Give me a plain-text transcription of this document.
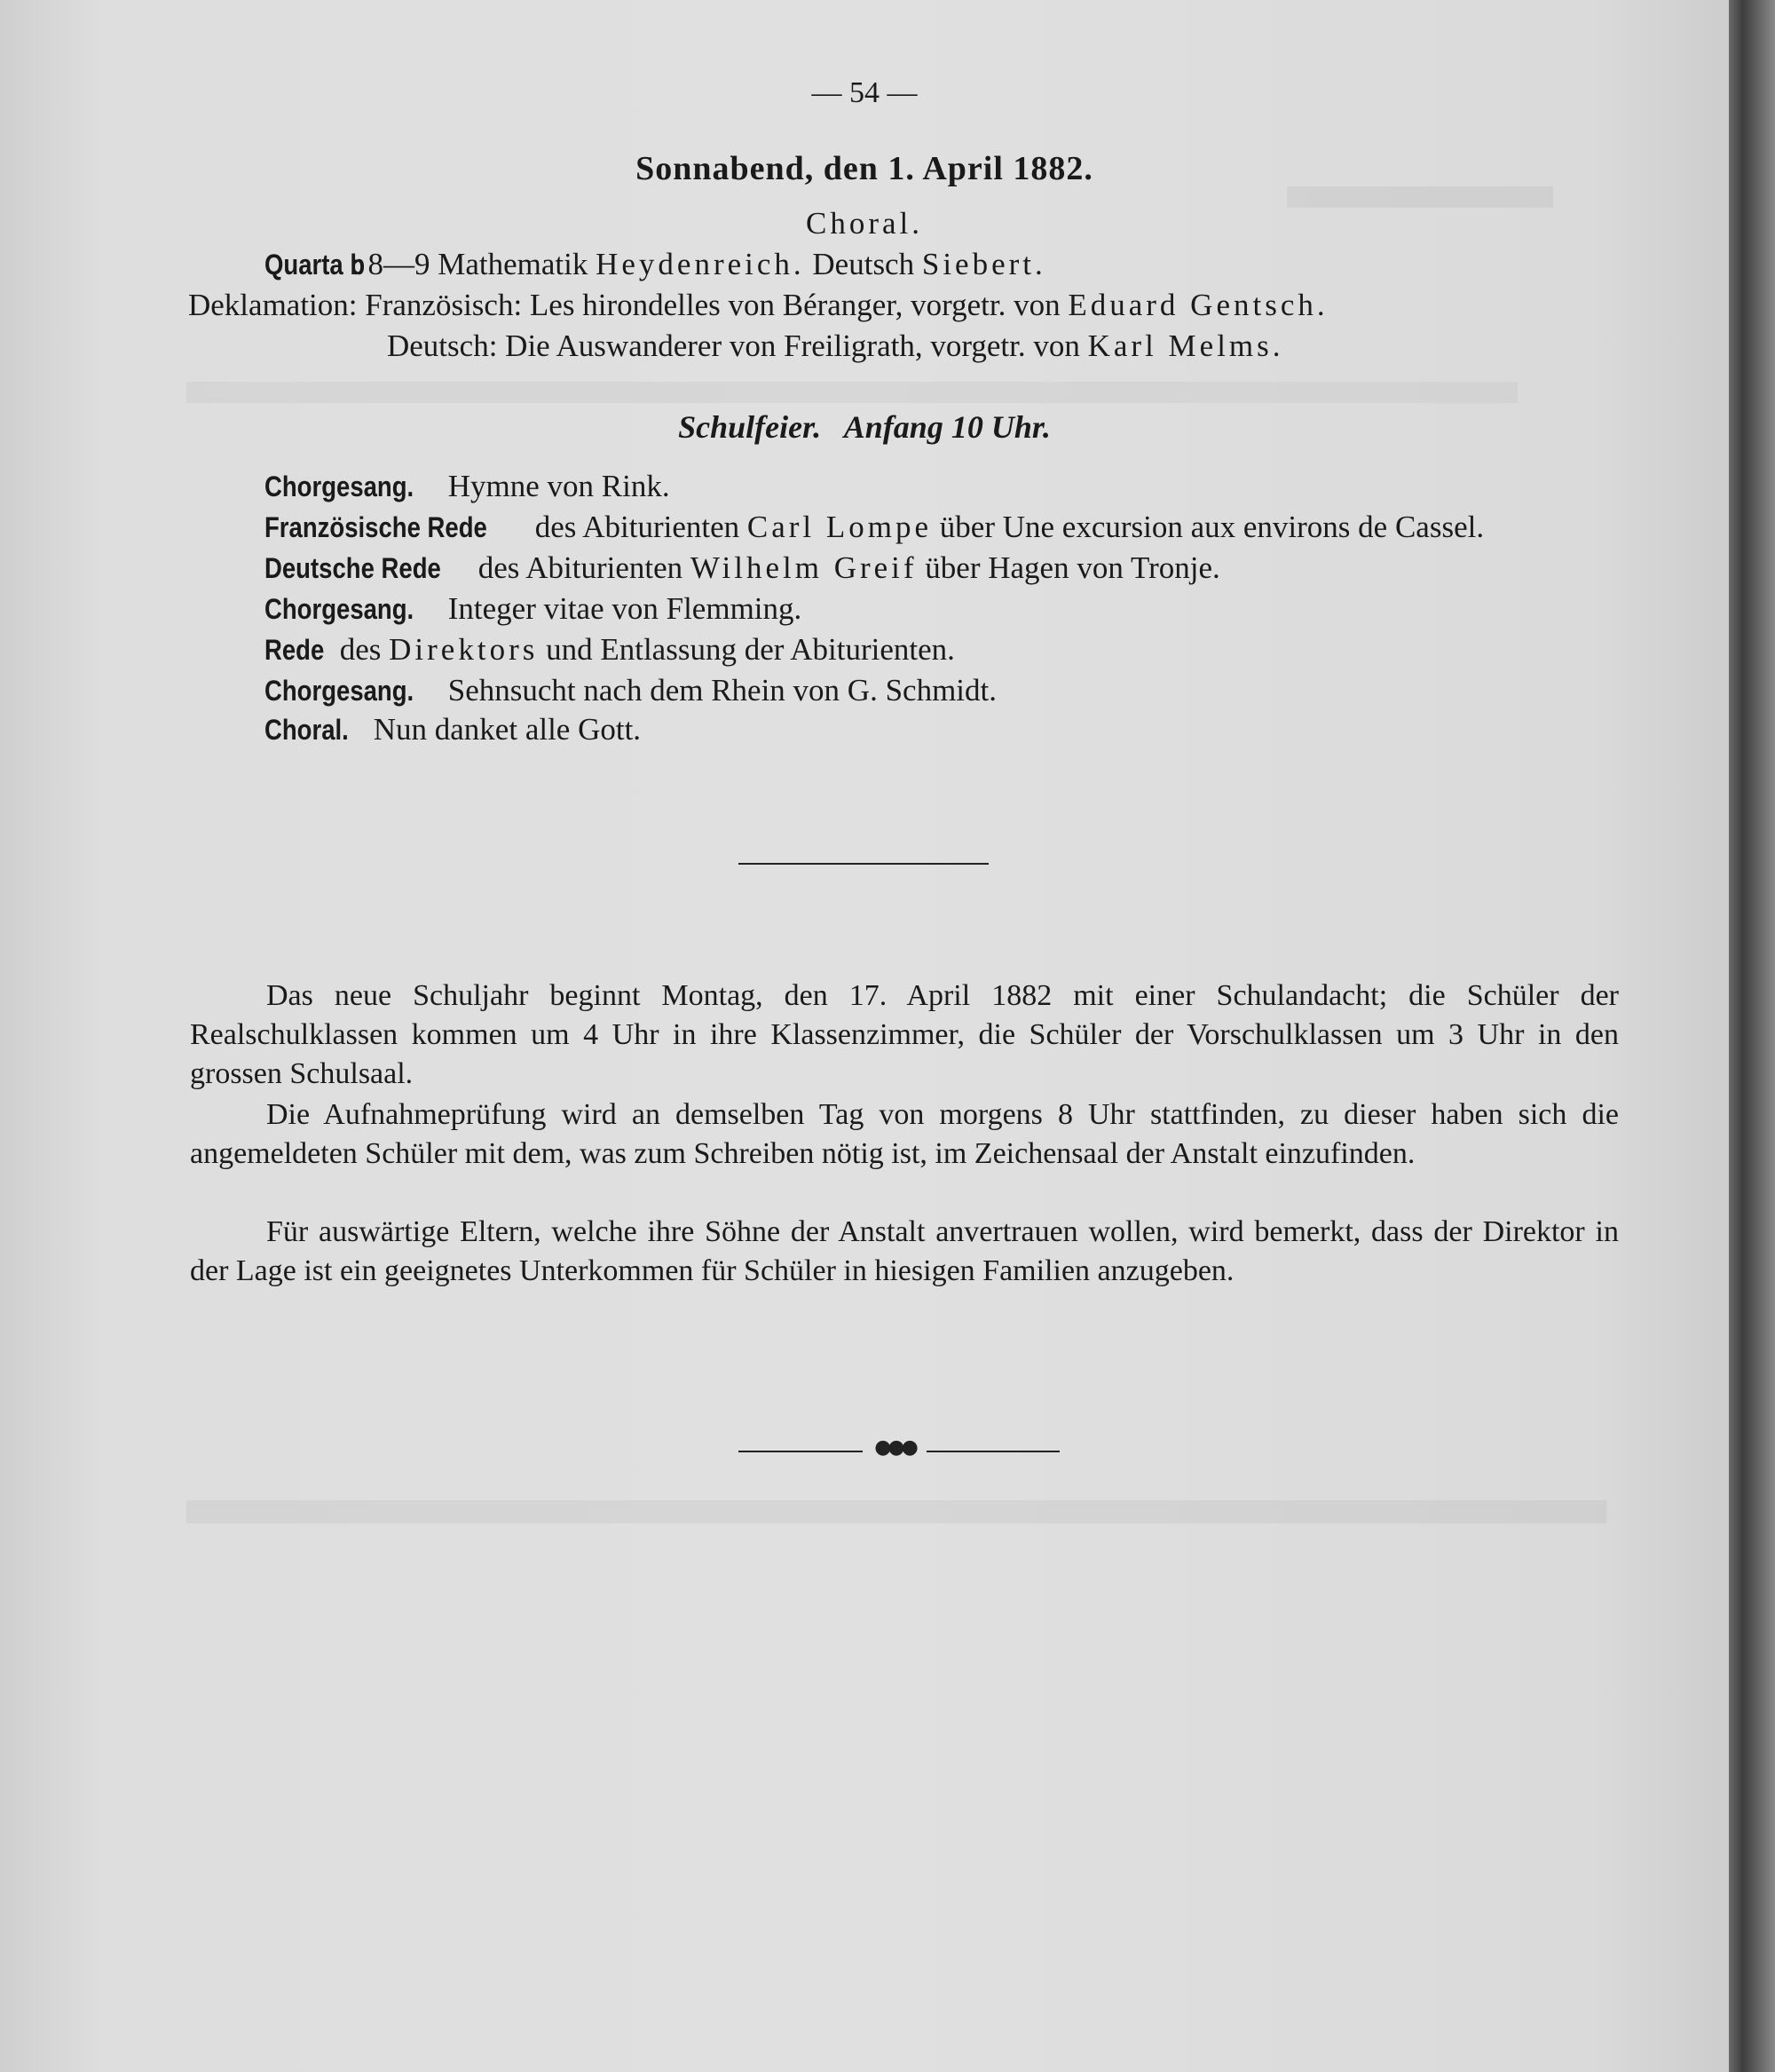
— 54 —
Sonnabend, den 1. April 1882.
Choral.
Quarta b: 8—9 Mathematik Heydenreich. Deutsch Siebert.
Deklamation: Französisch: Les hirondelles von Béranger, vorgetr. von Eduard Gentsch.
Deutsch: Die Auswanderer von Freiligrath, vorgetr. von Karl Melms.
Schulfeier.   Anfang 10 Uhr.
Chorgesang. Hymne von Rink.
Französische Rede des Abiturienten Carl Lompe über Une excursion aux environs de Cassel.
Deutsche Rede des Abiturienten Wilhelm Greif über Hagen von Tronje.
Chorgesang. Integer vitae von Flemming.
Rede des Direktors und Entlassung der Abiturienten.
Chorgesang. Sehnsucht nach dem Rhein von G. Schmidt.
Choral. Nun danket alle Gott.
Das neue Schuljahr beginnt Montag, den 17. April 1882 mit einer Schulandacht; die Schüler der Realschulklassen kommen um 4 Uhr in ihre Klassenzimmer, die Schüler der Vorschulklassen um 3 Uhr in den grossen Schulsaal.
Die Aufnahmeprüfung wird an demselben Tag von morgens 8 Uhr stattfinden, zu dieser haben sich die angemeldeten Schüler mit dem, was zum Schreiben nötig ist, im Zeichensaal der Anstalt einzufinden.
Für auswärtige Eltern, welche ihre Söhne der Anstalt anvertrauen wollen, wird bemerkt, dass der Direktor in der Lage ist ein geeignetes Unterkommen für Schüler in hiesigen Familien anzugeben.
●●●
